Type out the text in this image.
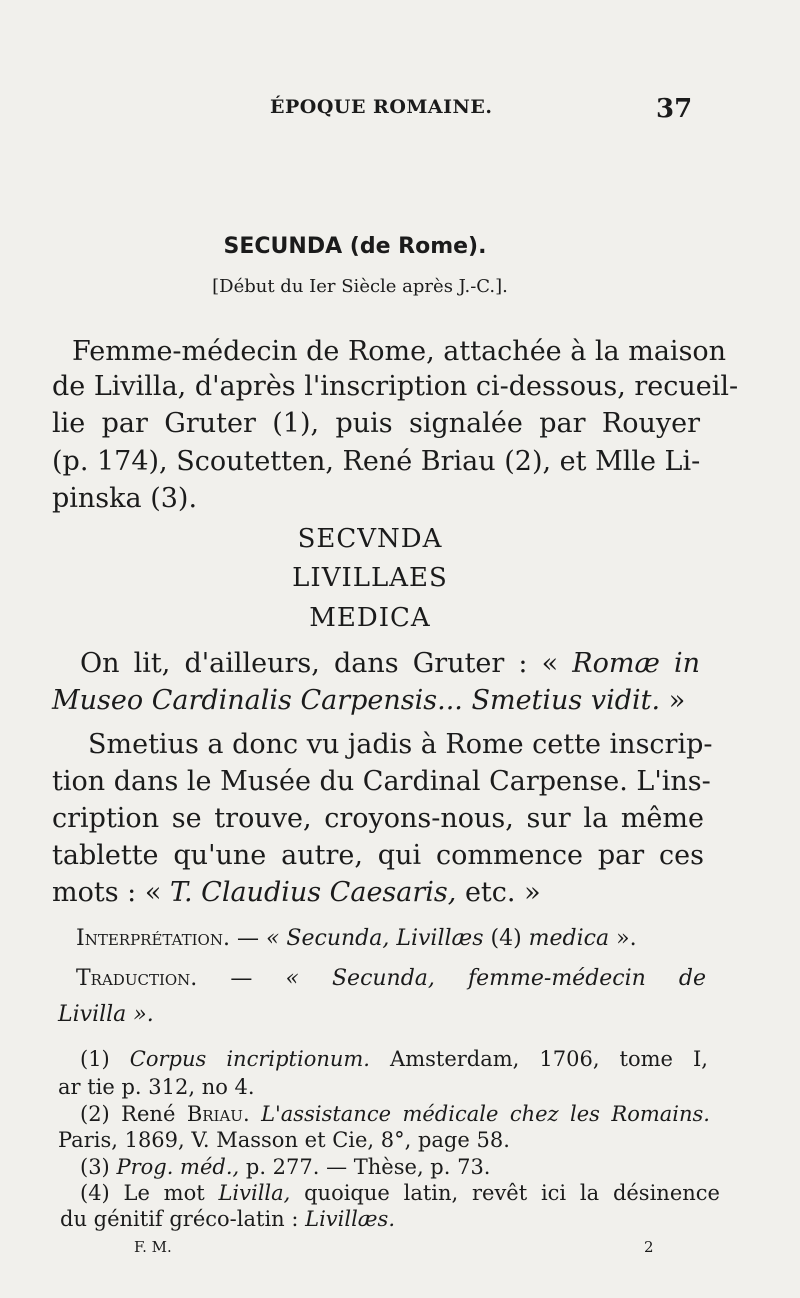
ÉPOQUE ROMAINE.	37
SECUNDA (de Rome).
[Début du Ier Siècle après J.-C.].
Femme-médecin de Rome, attachée à la maison
de Livilla, d'après l'inscription ci-dessous, recueil-
lie par Gruter (1), puis signalée par Rouyer
(p. 174), Scoutetten, René Briau (2), et Mlle Li-
pinska (3).
SECVNDA
LIVILLAES
MEDICA
On lit, d'ailleurs, dans Gruter : « Romæ in
Museo Cardinalis Carpensis... Smetius vidit. »
Smetius a donc vu jadis à Rome cette inscrip-
tion dans le Musée du Cardinal Carpense. L'ins-
cription se trouve, croyons-nous, sur la même
tablette qu'une autre, qui commence par ces
mots : « T. Claudius Caesaris, etc. »
Interprétation. — « Secunda, Livillæs (4) medica ».
Traduction. — « Secunda, femme-médecin de
Livilla ».
(1) Corpus incriptionum. Amsterdam, 1706, tome I,
ar tie p. 312, no 4.
(2) René Briau. L'assistance médicale chez les Romains.
Paris, 1869, V. Masson et Cie, 8°, page 58.
(3) Prog. méd., p. 277. — Thèse, p. 73.
(4) Le mot Livilla, quoique latin, revêt ici la désinence
du génitif gréco-latin : Livillæs.
F. M.	2
